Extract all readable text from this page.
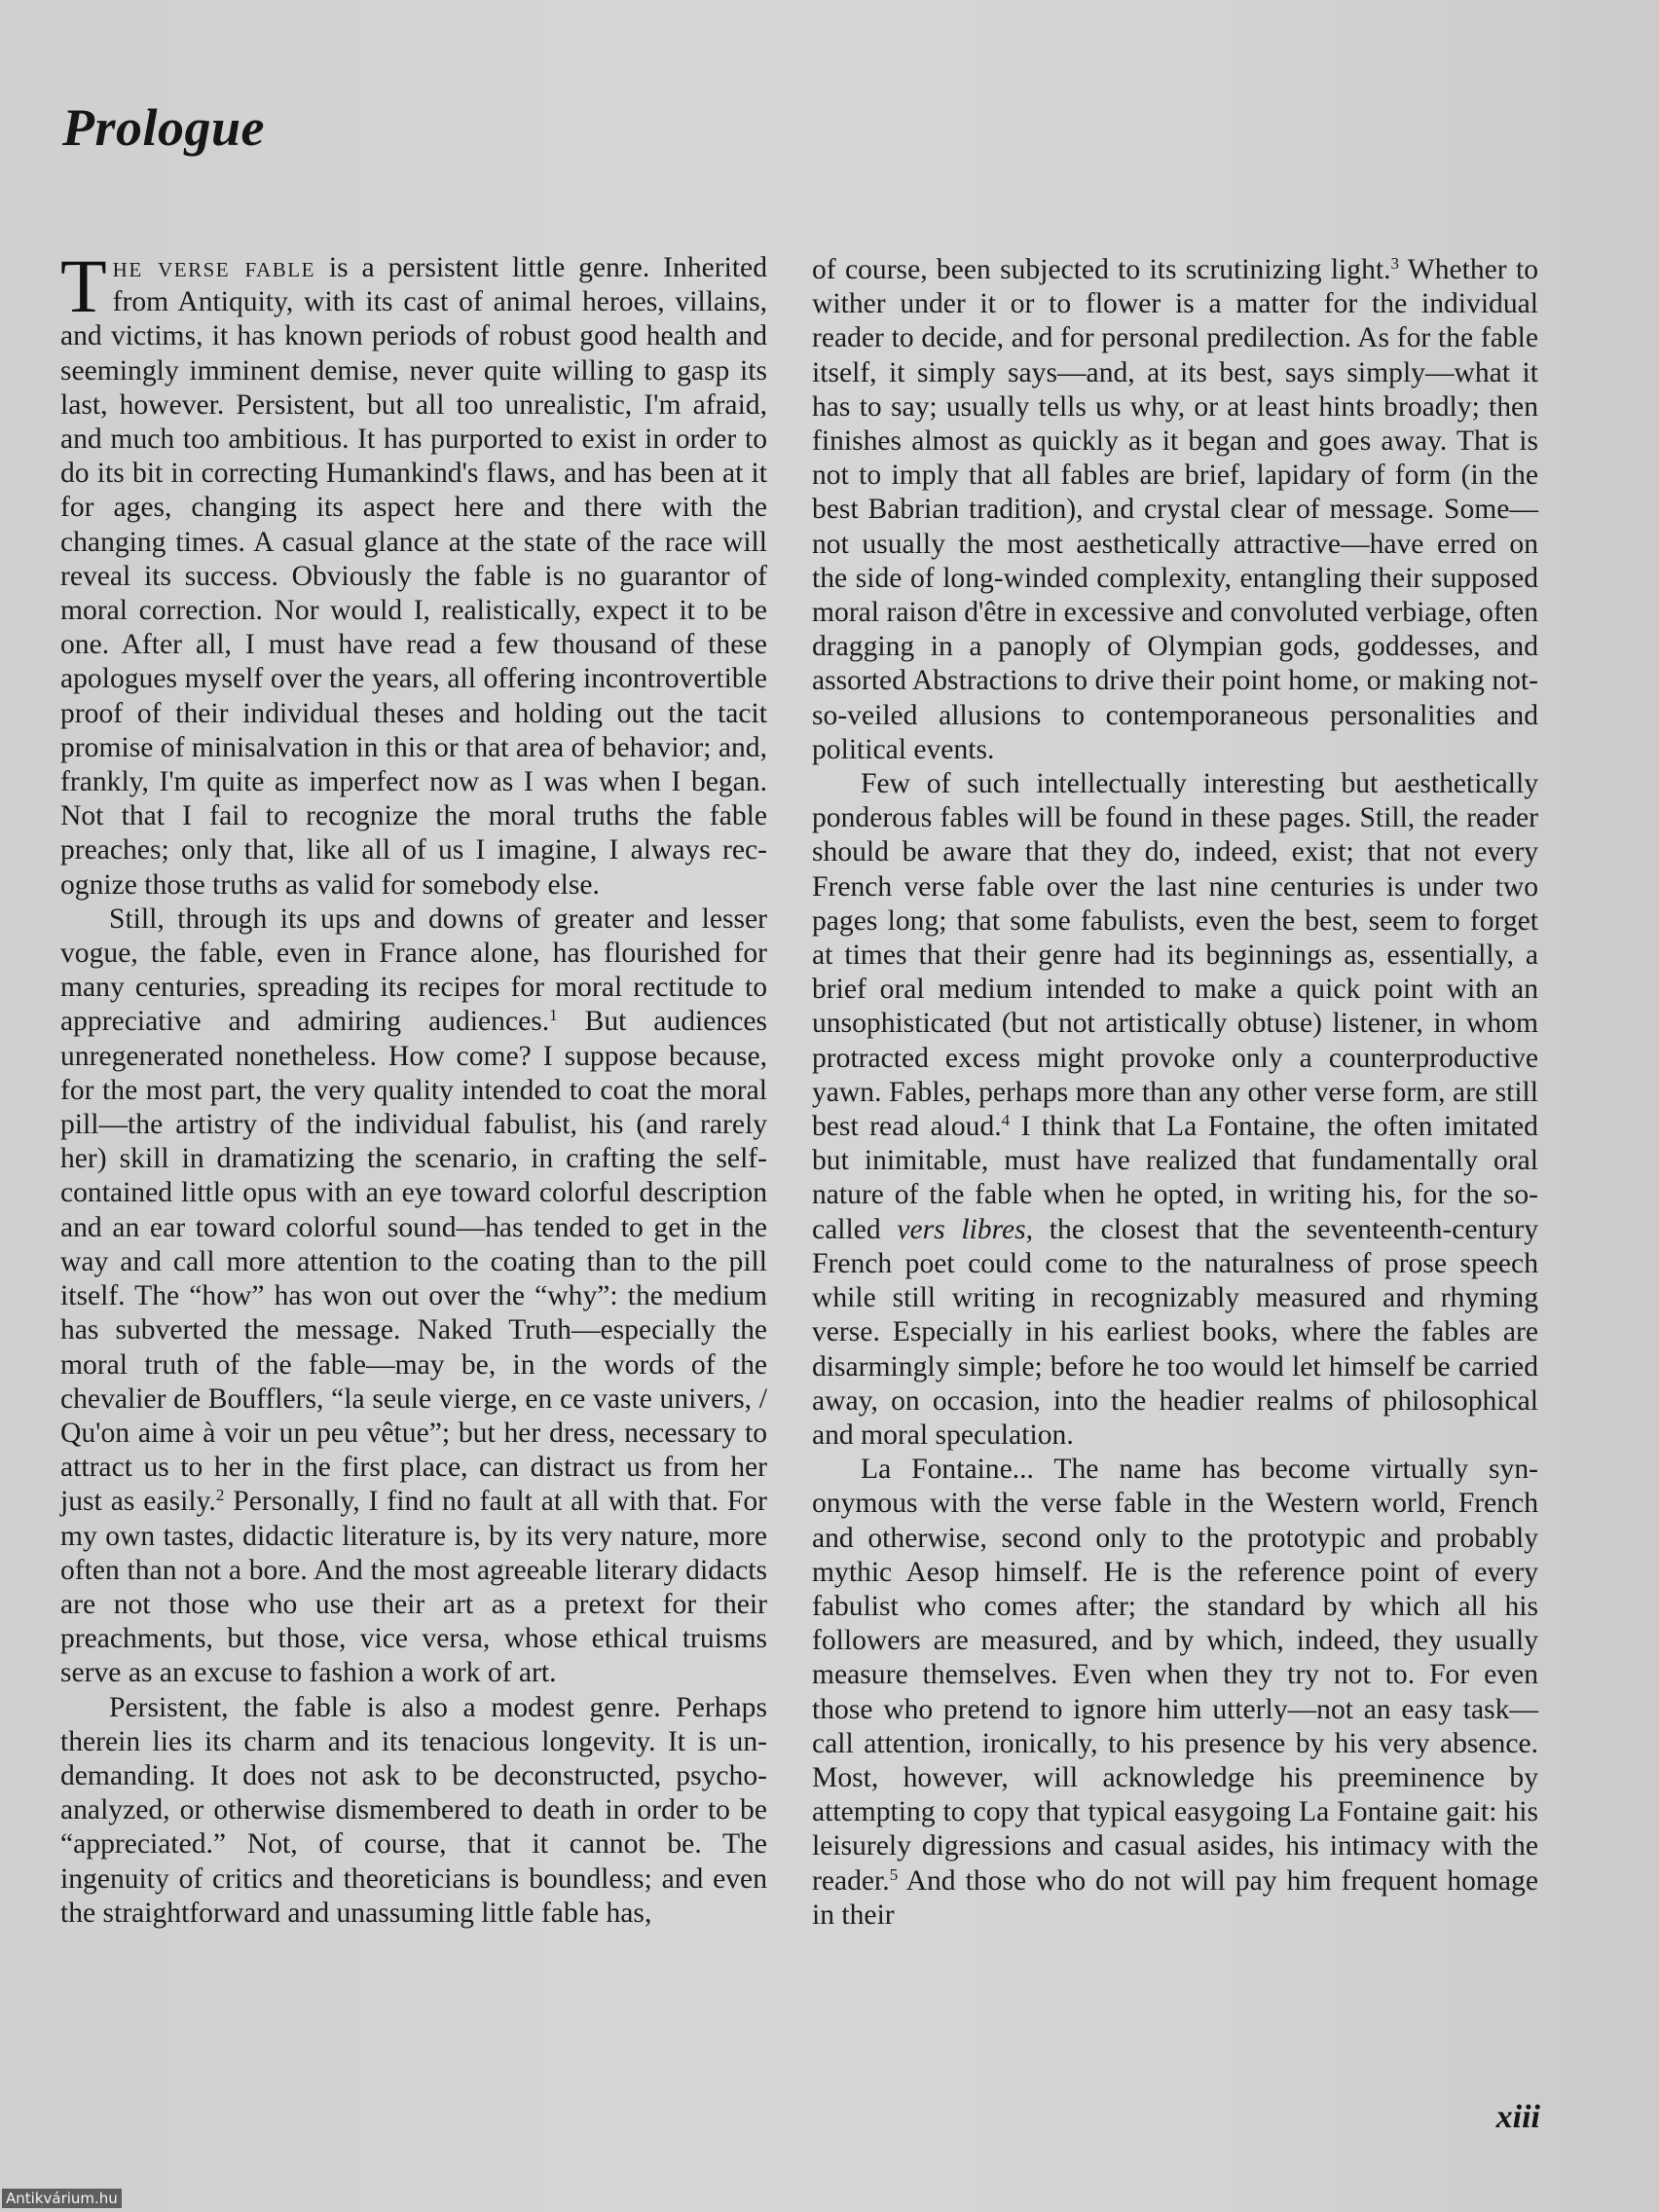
Prologue

The verse fable is a persistent little genre. Inherited from Antiquity, with its cast of animal heroes, villains, and victims, it has known periods of robust good health and seemingly imminent demise, never quite willing to gasp its last, however. Persistent, but all too unrealistic, I'm afraid, and much too ambitious. It has purported to exist in order to do its bit in correcting Humankind's flaws, and has been at it for ages, changing its aspect here and there with the changing times. A casual glance at the state of the race will reveal its success. Obviously the fable is no guarantor of moral correction. Nor would I, realistically, expect it to be one. After all, I must have read a few thousand of these apologues myself over the years, all offering incontrovertible proof of their individual theses and holding out the tacit promise of minisalvation in this or that area of behavior; and, frankly, I'm quite as imperfect now as I was when I began. Not that I fail to recognize the moral truths the fable preaches; only that, like all of us I imagine, I always recognize those truths as valid for somebody else.

Still, through its ups and downs of greater and lesser vogue, the fable, even in France alone, has flourished for many centuries, spreading its recipes for moral rectitude to appreciative and admiring audiences.$^1$ But audiences unregenerated nonetheless. How come? I suppose because, for the most part, the very quality intended to coat the moral pill—the artistry of the individual fabulist, his (and rarely her) skill in dramatizing the scenario, in crafting the self-contained little opus with an eye toward colorful description and an ear toward colorful sound—has tended to get in the way and call more attention to the coating than to the pill itself. The “how” has won out over the “why”: the medium has subverted the message. Naked Truth—especially the moral truth of the fable—may be, in the words of the chevalier de Boufflers, “la seule vierge, en ce vaste univers, / Qu'on aime à voir un peu vêtue”; but her dress, necessary to attract us to her in the first place, can distract us from her just as easily.$^2$ Personally, I find no fault at all with that. For my own tastes, didactic literature is, by its very nature, more often than not a bore. And the most agreeable literary didacts are not those who use their art as a pretext for their preachments, but those, vice versa, whose ethical truisms serve as an excuse to fashion a work of art.

Persistent, the fable is also a modest genre. Perhaps therein lies its charm and its tenacious longevity. It is undemanding. It does not ask to be deconstructed, psychoanalyzed, or otherwise dismembered to death in order to be “appreciated.” Not, of course, that it cannot be. The ingenuity of critics and theoreticians is boundless; and even the straightforward and unassuming little fable has,

of course, been subjected to its scrutinizing light.$^3$ Whether to wither under it or to flower is a matter for the individual reader to decide, and for personal predilection. As for the fable itself, it simply says—and, at its best, says simply—what it has to say; usually tells us why, or at least hints broadly; then finishes almost as quickly as it began and goes away. That is not to imply that all fables are brief, lapidary of form (in the best Babrian tradition), and crystal clear of message. Some—not usually the most aesthetically attractive—have erred on the side of long-winded complexity, entangling their supposed moral raison d'être in excessive and convoluted verbiage, often dragging in a panoply of Olympian gods, goddesses, and assorted Abstractions to drive their point home, or making not-so-veiled allusions to contemporaneous personalities and political events.

Few of such intellectually interesting but aesthetically ponderous fables will be found in these pages. Still, the reader should be aware that they do, indeed, exist; that not every French verse fable over the last nine centuries is under two pages long; that some fabulists, even the best, seem to forget at times that their genre had its beginnings as, essentially, a brief oral medium intended to make a quick point with an unsophisticated (but not artistically obtuse) listener, in whom protracted excess might provoke only a counterproductive yawn. Fables, perhaps more than any other verse form, are still best read aloud.$^4$ I think that La Fontaine, the often imitated but inimitable, must have realized that fundamentally oral nature of the fable when he opted, in writing his, for the so-called vers libres, the closest that the seventeenth-century French poet could come to the naturalness of prose speech while still writing in recognizably measured and rhyming verse. Especially in his earliest books, where the fables are disarmingly simple; before he too would let himself be carried away, on occasion, into the headier realms of philosophical and moral speculation.

La Fontaine... The name has become virtually synonymous with the verse fable in the Western world, French and otherwise, second only to the prototypic and probably mythic Aesop himself. He is the reference point of every fabulist who comes after; the standard by which all his followers are measured, and by which, indeed, they usually measure themselves. Even when they try not to. For even those who pretend to ignore him utterly—not an easy task—call attention, ironically, to his presence by his very absence. Most, however, will acknowledge his preeminence by attempting to copy that typical easygoing La Fontaine gait: his leisurely digressions and casual asides, his intimacy with the reader.$^5$ And those who do not will pay him frequent homage in their

xiii
Antikvárium.hu
